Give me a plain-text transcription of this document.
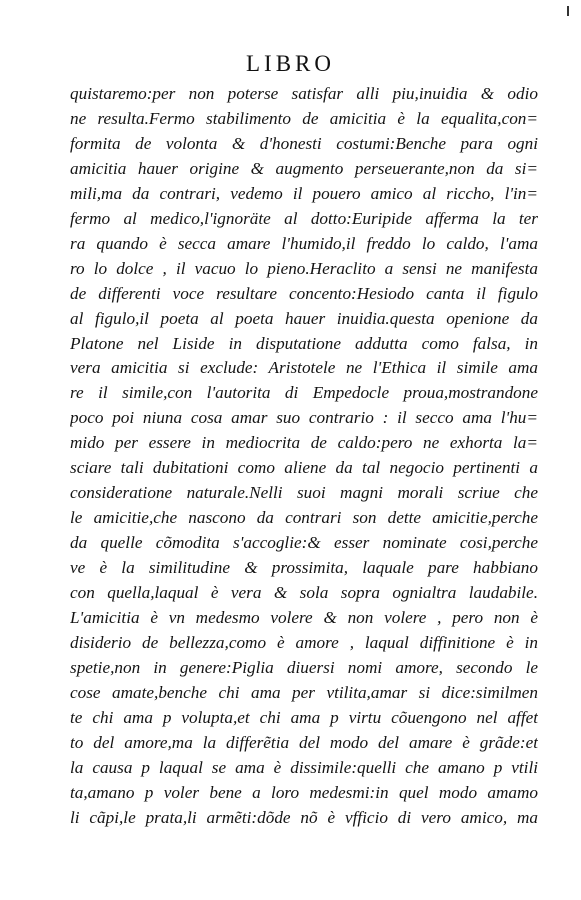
LIBRO
quistaremo:per non poterse satisfar alli piu,inuidia & odio
ne resulta.Fermo stabilimento de amicitia è la equalita,con=
formita de volonta & d'honesti costumi:Benche para ogni
amicitia hauer origine & augmento perseuerante,non da si=
mili,ma da contrari, vedemo il pouero amico al riccho, l'in=
fermo al medico,l'ignoräte al dotto:Euripide afferma la ter
ra quando è secca amare l'humido,il freddo lo caldo, l'ama
ro lo dolce , il vacuo lo pieno.Heraclito a sensi ne manifesta
de differenti voce resultare concento:Hesiodo canta il figulo
al figulo,il poeta al poeta hauer inuidia.questa openione da
Platone nel Liside in disputatione addutta como falsa, in
vera amicitia si exclude: Aristotele ne l'Ethica il simile ama
re il simile,con l'autorita di Empedocle proua,mostrandone
poco poi niuna cosa amar suo contrario : il secco ama l'hu=
mido per essere in mediocrita de caldo:pero ne exhorta la=
sciare tali dubitationi como aliene da tal negocio pertinenti a
consideratione naturale.Nelli suoi magni morali scriue che
le amicitie,che nascono da contrari son dette amicitie,perche
da quelle cõmodita s'accoglie:& esser nominate cosi,perche
ve è la similitudine & prossimita, laquale pare habbiano
con quella,laqual è vera & sola sopra ognialtra laudabile.
L'amicitia è vn medesmo volere & non volere , pero non è
disiderio de bellezza,como è amore , laqual diffinitione è in
spetie,non in genere:Piglia diuersi nomi amore, secondo le
cose amate,benche chi ama per vtilita,amar si dice:similmen
te chi ama p volupta,et chi ama p virtu cõuengono nel affet
to del amore,ma la differẽtia del modo del amare è grãde:et
la causa p laqual se ama è dissimile:quelli che amano p vtili
ta,amano p voler bene a loro medesmi:in quel modo amamo
li cãpi,le prata,li armẽti:dõde nõ è vfficio di vero amico, ma
